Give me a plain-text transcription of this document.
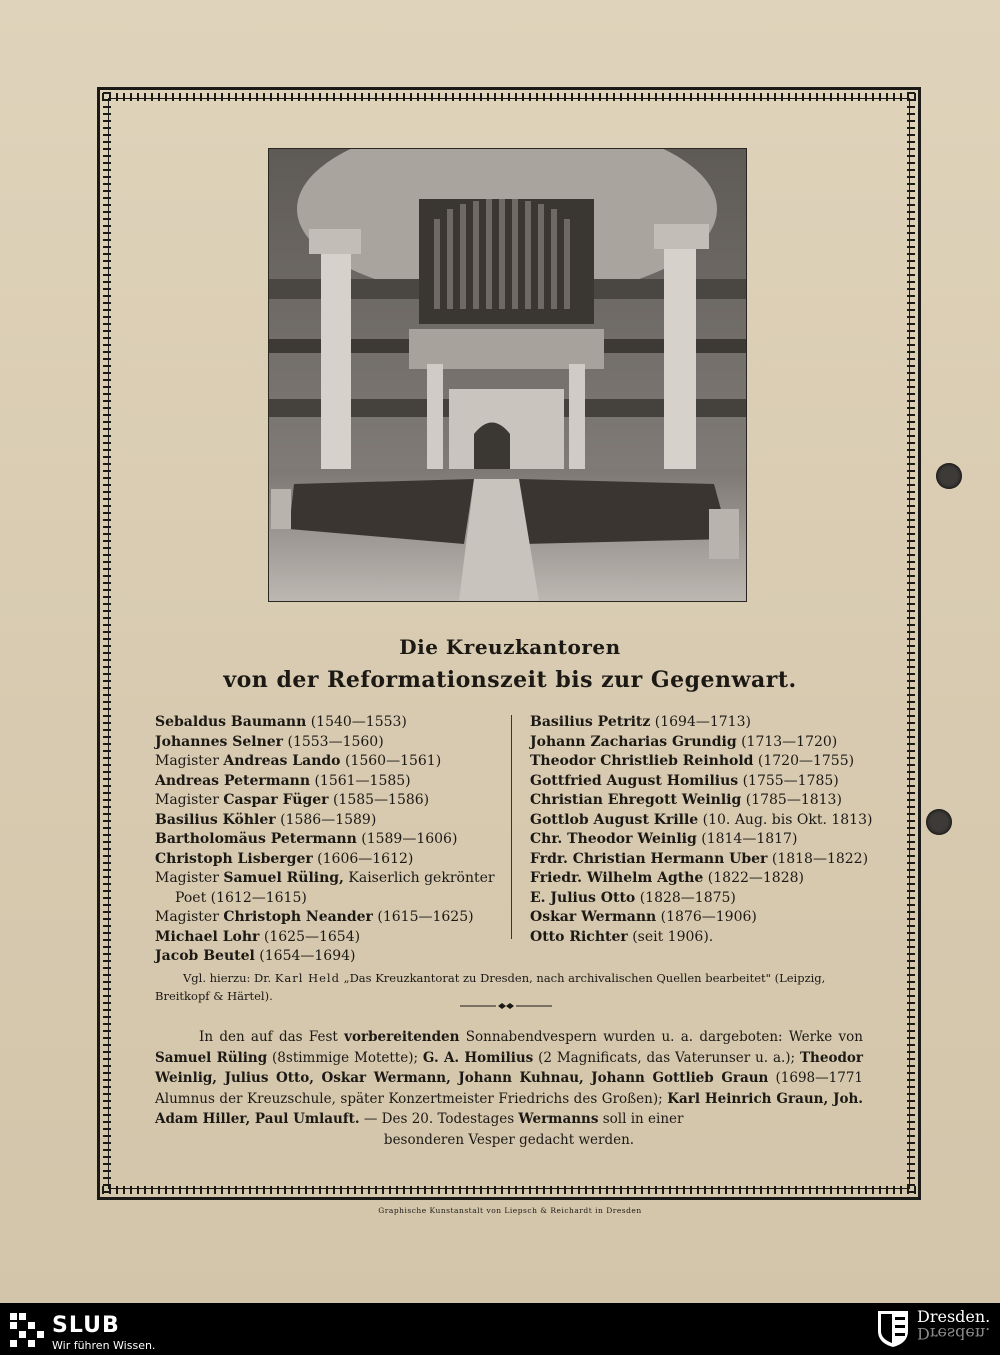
Die Kreuzkantoren
von der Reformationszeit bis zur Gegenwart.
Sebaldus Baumann (1540—1553)
Johannes Selner (1553—1560)
Magister Andreas Lando (1560—1561)
Andreas Petermann (1561—1585)
Magister Caspar Füger (1585—1586)
Basilius Köhler (1586—1589)
Bartholomäus Petermann (1589—1606)
Christoph Lisberger (1606—1612)
Magister Samuel Rüling, Kaiserlich gekrönter
Poet (1612—1615)
Magister Christoph Neander (1615—1625)
Michael Lohr (1625—1654)
Jacob Beutel (1654—1694)
Basilius Petritz (1694—1713)
Johann Zacharias Grundig (1713—1720)
Theodor Christlieb Reinhold (1720—1755)
Gottfried August Homilius (1755—1785)
Christian Ehregott Weinlig (1785—1813)
Gottlob August Krille (10. Aug. bis Okt. 1813)
Chr. Theodor Weinlig (1814—1817)
Frdr. Christian Hermann Uber (1818—1822)
Friedr. Wilhelm Agthe (1822—1828)
E. Julius Otto (1828—1875)
Oskar Wermann (1876—1906)
Otto Richter (seit 1906).
Vgl. hierzu: Dr. Karl Held „Das Kreuzkantorat zu Dresden, nach archivalischen Quellen bearbeitet" (Leipzig, Breitkopf & Härtel).
In den auf das Fest vorbereitenden Sonnabendvespern wurden u. a. dargeboten: Werke von Samuel Rüling (8stimmige Motette); G. A. Homilius (2 Magnificats, das Vaterunser u. a.); Theodor Weinlig, Julius Otto, Oskar Wermann, Johann Kuhnau, Johann Gottlieb Graun (1698—1771 Alumnus der Kreuzschule, später Konzertmeister Friedrichs des Großen); Karl Heinrich Graun, Joh. Adam Hiller, Paul Umlauft. — Des 20. Todestages Wermanns soll in einer
besonderen Vesper gedacht werden.
Graphische Kunstanstalt von Liepsch & Reichardt in Dresden
SLUB
Wir führen Wissen.
Dresden.
Dresden.
